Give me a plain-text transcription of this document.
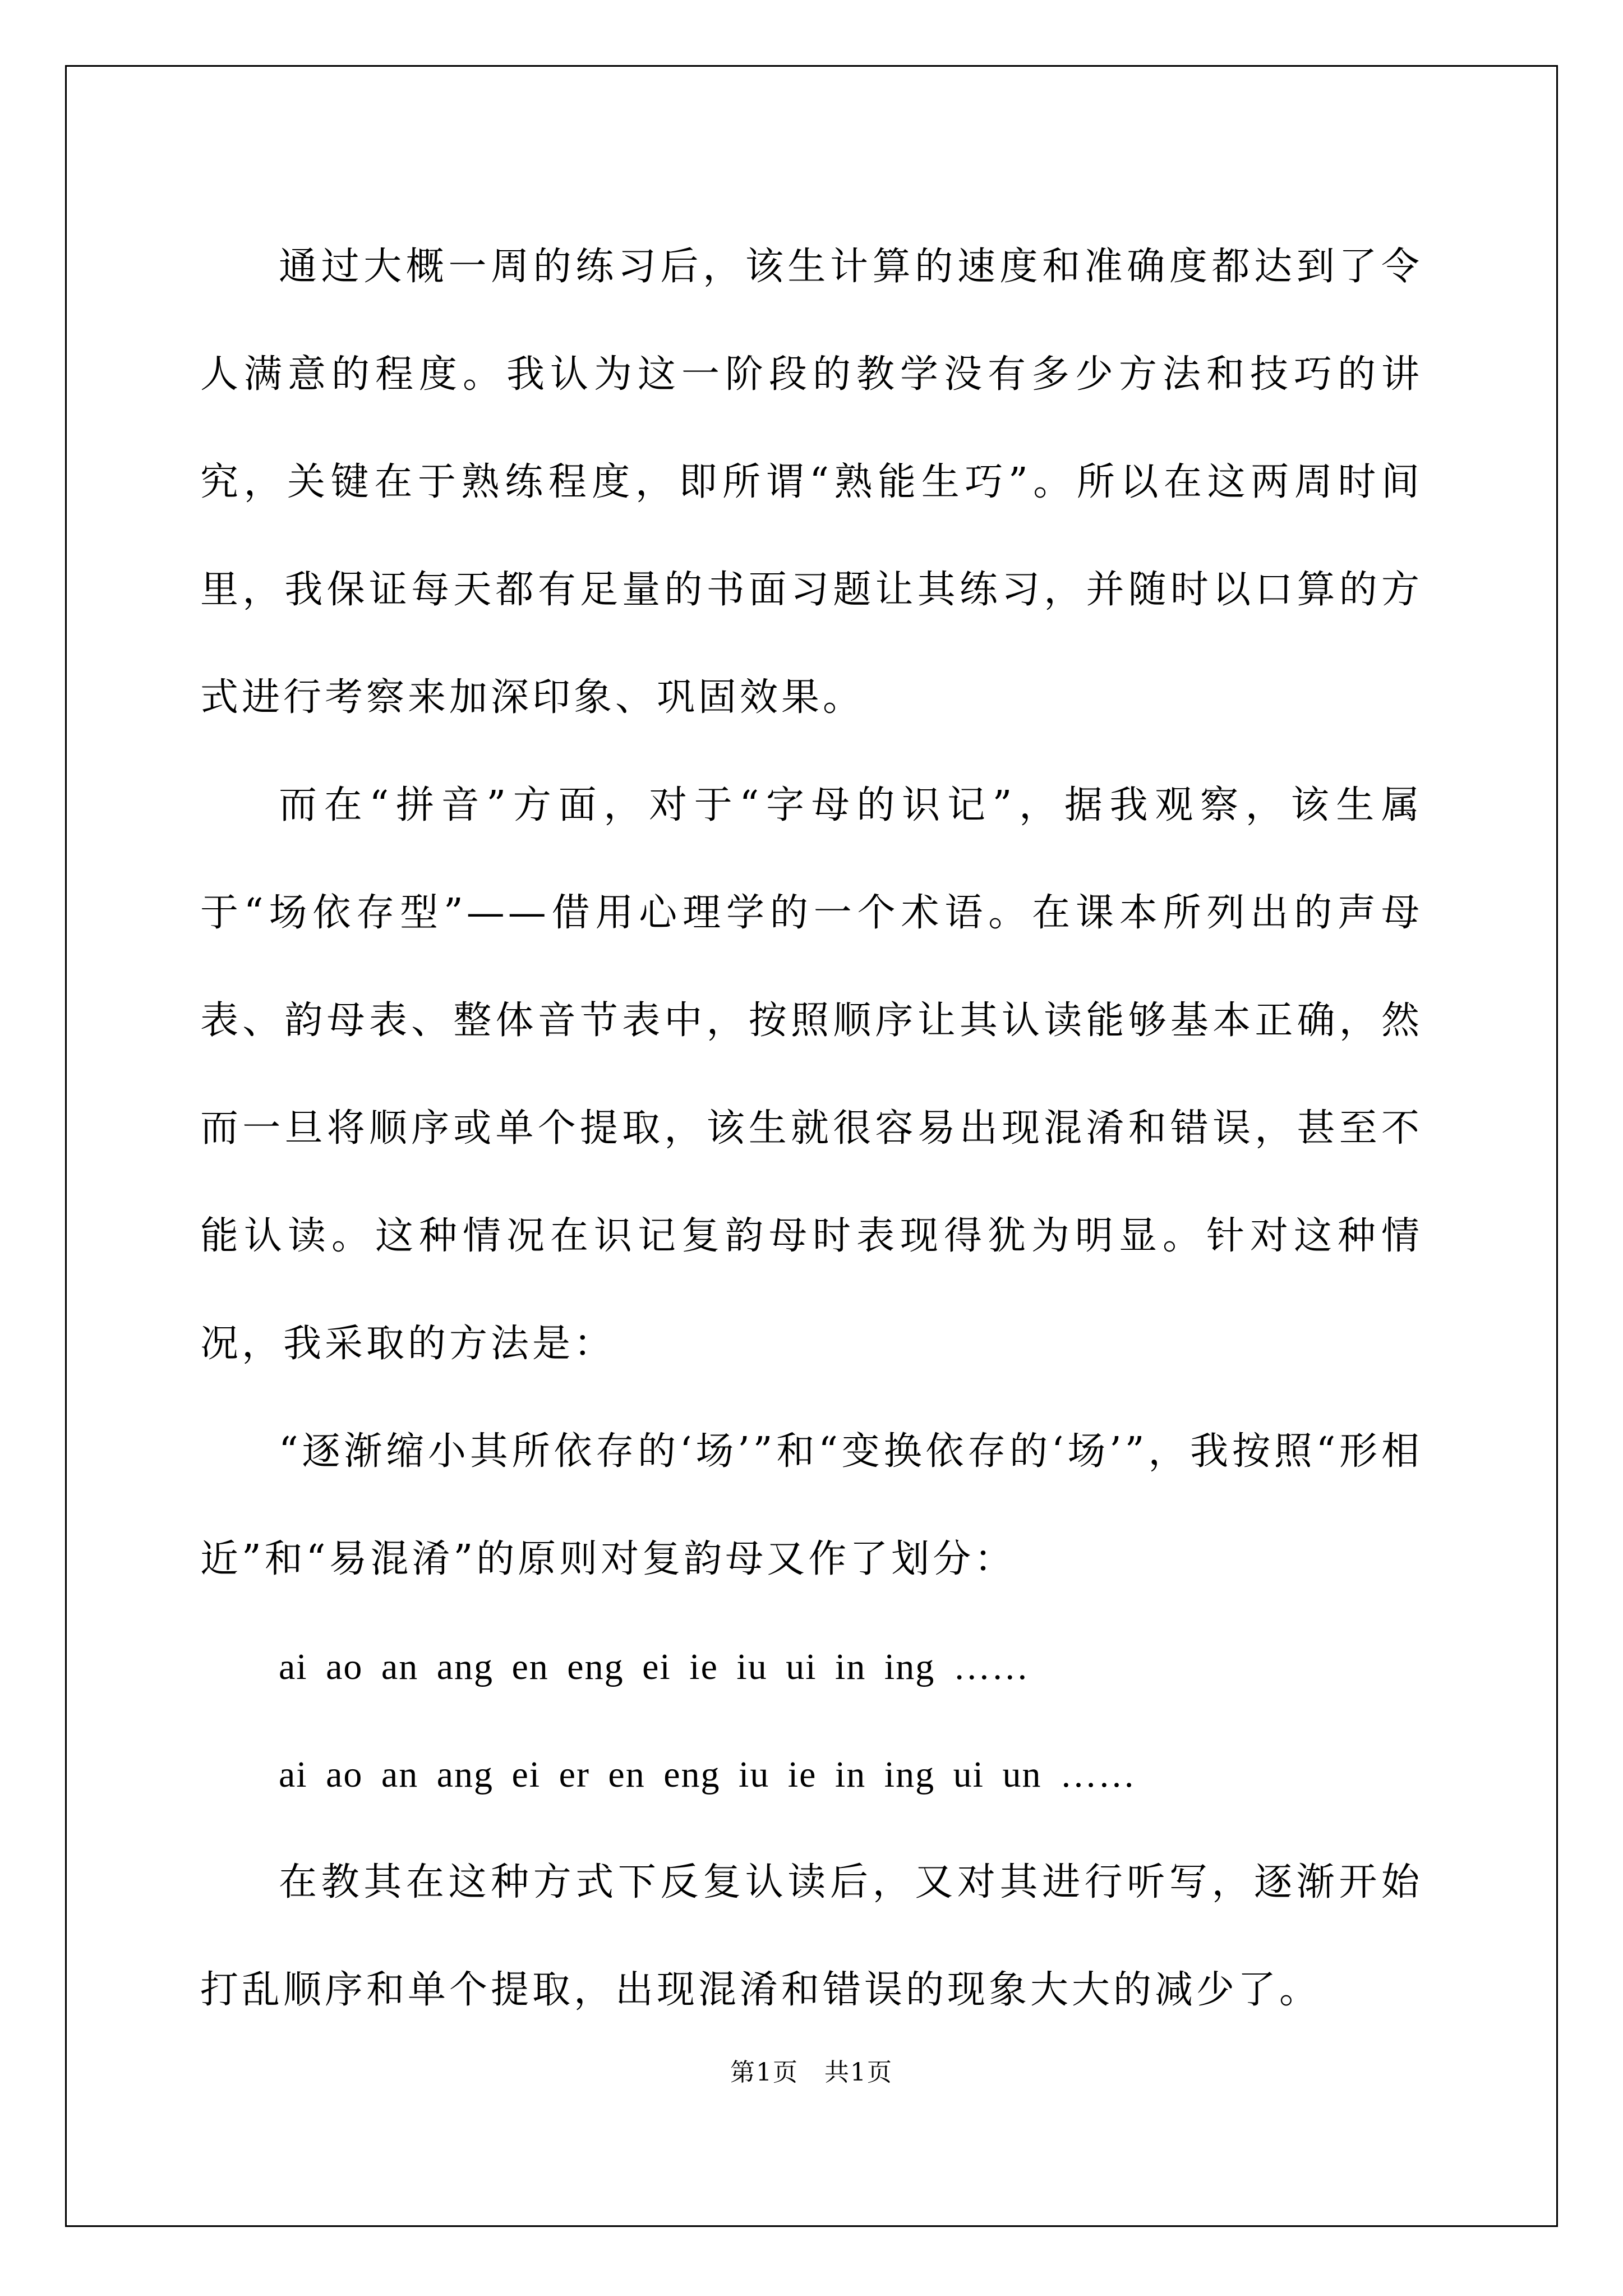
通过大概一周的练习后，该生计算的速度和准确度都达到了令人满意的程度。我认为这一阶段的教学没有多少方法和技巧的讲究，关键在于熟练程度，即所谓“熟能生巧”。所以在这两周时间里，我保证每天都有足量的书面习题让其练习，并随时以口算的方式进行考察来加深印象、巩固效果。

而在“拼音”方面，对于“字母的识记”，据我观察，该生属于“场依存型”——借用心理学的一个术语。在课本所列出的声母表、韵母表、整体音节表中，按照顺序让其认读能够基本正确，然而一旦将顺序或单个提取，该生就很容易出现混淆和错误，甚至不能认读。这种情况在识记复韵母时表现得犹为明显。针对这种情况，我采取的方法是：

“逐渐缩小其所依存的‘场’”和“变换依存的‘场’”，我按照“形相近”和“易混淆”的原则对复韵母又作了划分：

ai ao an ang en eng ei ie iu ui in ing ……

ai ao an ang ei er en eng iu ie in ing ui un ……

在教其在这种方式下反复认读后，又对其进行听写，逐渐开始打乱顺序和单个提取，出现混淆和错误的现象大大的减少了。

第1页　共1页
